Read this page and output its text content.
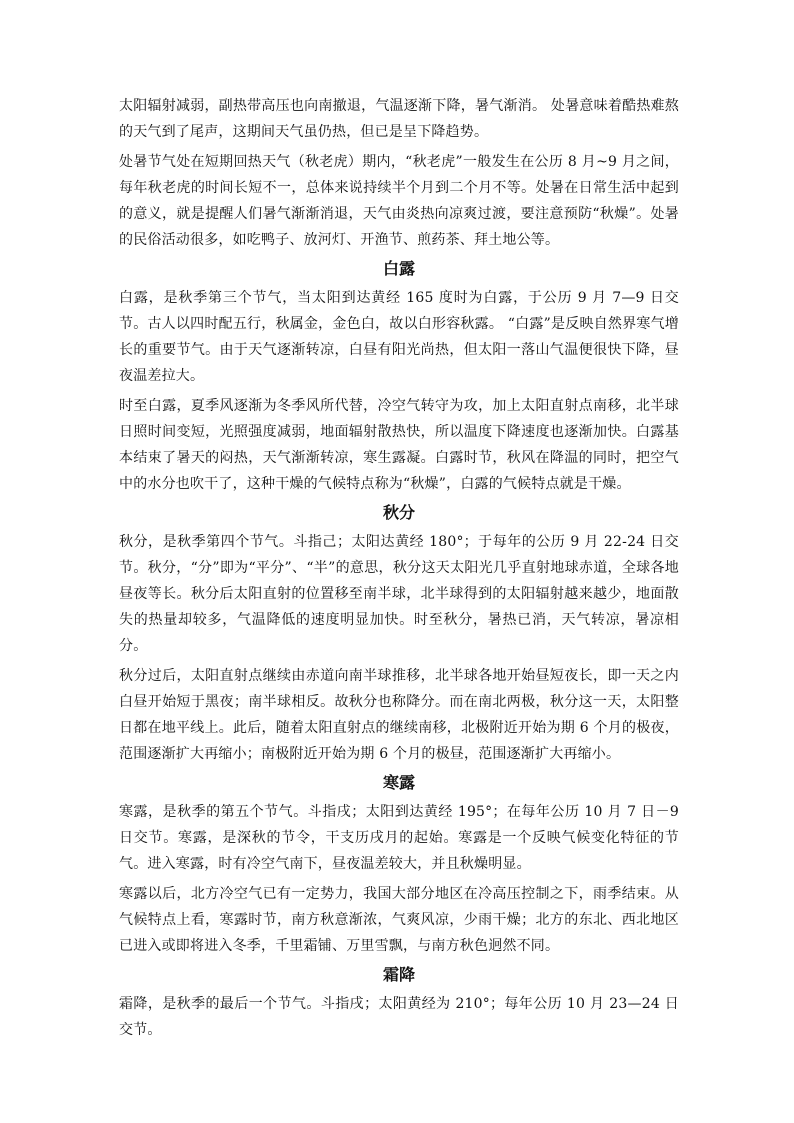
太阳辐射减弱，副热带高压也向南撤退，气温逐渐下降，暑气渐消。 处暑意味着酷热难熬的天气到了尾声，这期间天气虽仍热，但已是呈下降趋势。

处暑节气处在短期回热天气（秋老虎）期内，“秋老虎”一般发生在公历 8 月~9 月之间，每年秋老虎的时间长短不一，总体来说持续半个月到二个月不等。处暑在日常生活中起到的意义，就是提醒人们暑气渐渐消退，天气由炎热向凉爽过渡，要注意预防“秋燥”。处暑的民俗活动很多，如吃鸭子、放河灯、开渔节、煎药茶、拜土地公等。

白露

白露，是秋季第三个节气，当太阳到达黄经 165 度时为白露，于公历 9 月 7—9 日交节。古人以四时配五行，秋属金，金色白，故以白形容秋露。 “白露”是反映自然界寒气增长的重要节气。由于天气逐渐转凉，白昼有阳光尚热，但太阳一落山气温便很快下降，昼夜温差拉大。

时至白露，夏季风逐渐为冬季风所代替，冷空气转守为攻，加上太阳直射点南移，北半球日照时间变短，光照强度减弱，地面辐射散热快，所以温度下降速度也逐渐加快。白露基本结束了暑天的闷热，天气渐渐转凉，寒生露凝。白露时节，秋风在降温的同时，把空气中的水分也吹干了，这种干燥的气候特点称为“秋燥”，白露的气候特点就是干燥。

秋分

秋分，是秋季第四个节气。斗指己；太阳达黄经 180°；于每年的公历 9 月 22-24 日交节。秋分，“分”即为“平分”、“半”的意思，秋分这天太阳光几乎直射地球赤道，全球各地昼夜等长。秋分后太阳直射的位置移至南半球，北半球得到的太阳辐射越来越少，地面散失的热量却较多，气温降低的速度明显加快。时至秋分，暑热已消，天气转凉，暑凉相分。

秋分过后，太阳直射点继续由赤道向南半球推移，北半球各地开始昼短夜长，即一天之内白昼开始短于黑夜；南半球相反。故秋分也称降分。而在南北两极，秋分这一天，太阳整日都在地平线上。此后，随着太阳直射点的继续南移，北极附近开始为期 6 个月的极夜，范围逐渐扩大再缩小；南极附近开始为期 6 个月的极昼，范围逐渐扩大再缩小。

寒露

寒露，是秋季的第五个节气。斗指戌；太阳到达黄经 195°；在每年公历 10 月 7 日－9 日交节。寒露，是深秋的节令，干支历戌月的起始。寒露是一个反映气候变化特征的节气。进入寒露，时有冷空气南下，昼夜温差较大，并且秋燥明显。

寒露以后，北方冷空气已有一定势力，我国大部分地区在冷高压控制之下，雨季结束。从气候特点上看，寒露时节，南方秋意渐浓，气爽风凉，少雨干燥；北方的东北、西北地区已进入或即将进入冬季，千里霜铺、万里雪飘，与南方秋色迥然不同。

霜降

霜降，是秋季的最后一个节气。斗指戌；太阳黄经为 210°；每年公历 10 月 23—24 日交节。
